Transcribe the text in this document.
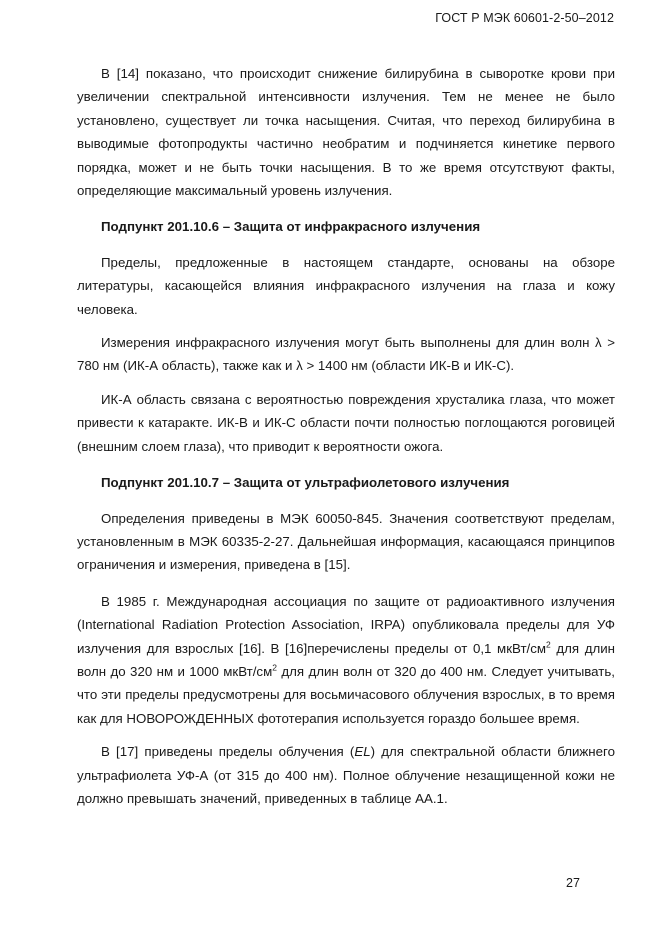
ГОСТ Р МЭК 60601-2-50–2012

В [14] показано, что происходит снижение билирубина в сыворотке крови при увеличении спектральной интенсивности излучения. Тем не менее не было установлено, существует ли точка насыщения. Считая, что переход билирубина в выводимые фотопродукты частично необратим и подчиняется кинетике первого порядка, может и не быть точки насыщения. В то же время отсутствуют факты, определяющие максимальный уровень излучения.

Подпункт 201.10.6 – Защита от инфракрасного излучения

Пределы, предложенные в настоящем стандарте, основаны на обзоре литературы, касающейся влияния инфракрасного излучения на глаза и кожу человека.

Измерения инфракрасного излучения могут быть выполнены для длин волн λ > 780 нм (ИК-А область), также как и λ > 1400 нм (области ИК-В и ИК-С).

ИК-А область связана с вероятностью повреждения хрусталика глаза, что может привести к катаракте. ИК-В и ИК-С области почти полностью поглощаются роговицей (внешним слоем глаза), что приводит к вероятности ожога.

Подпункт 201.10.7 – Защита от ультрафиолетового излучения

Определения приведены в МЭК 60050-845. Значения соответствуют пределам, установленным в МЭК 60335-2-27. Дальнейшая информация, касающаяся принципов ограничения и измерения, приведена в [15].

В 1985 г. Международная ассоциация по защите от радиоактивного излучения (International Radiation Protection Association, IRPA) опубликовала пределы для УФ излучения для взрослых [16]. В [16]перечислены пределы от 0,1 мкВт/$см^2$ для длин волн до 320 нм и 1000 мкВт/$см^2$ для длин волн от 320 до 400 нм. Следует учитывать, что эти пределы предусмотрены для восьмичасового облучения взрослых, в то время как для НОВОРОЖДЕННЫХ фототерапия используется гораздо большее время.

В [17] приведены пределы облучения (EL) для спектральной области ближнего ультрафиолета УФ-А (от 315 до 400 нм). Полное облучение незащищенной кожи не должно превышать значений, приведенных в таблице АА.1.

27
